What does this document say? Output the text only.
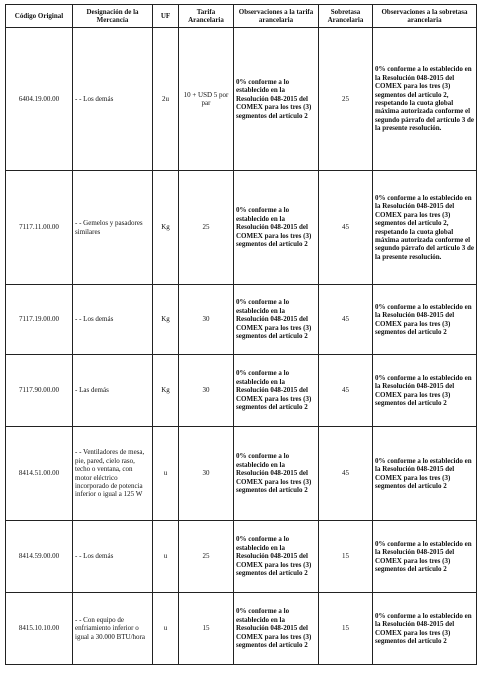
Código Original	Designación de la Mercancía	UF	Tarifa Arancelaria	Observaciones a la tarifa arancelaria	Sobretasa Arancelaria	Observaciones a la sobretasa arancelaria
6404.19.00.00	- - Los demás	2u	10 + USD 5 por par	0% conforme a lo establecido en la Resolución 048-2015 del COMEX para los tres (3) segmentos del artículo 2	25	0% conforme a lo establecido en la Resolución 048-2015 del COMEX para los tres (3) segmentos del artículo 2, respetando la cuota global máxima autorizada conforme el segundo párrafo del artículo 3 de la presente resolución.
7117.11.00.00	- - Gemelos y pasadores similares	Kg	25	0% conforme a lo establecido en la Resolución 048-2015 del COMEX para los tres (3) segmentos del artículo 2	45	0% conforme a lo establecido en la Resolución 048-2015 del COMEX para los tres (3) segmentos del artículo 2, respetando la cuota global máxima autorizada conforme el segundo párrafo del artículo 3 de la presente resolución.
7117.19.00.00	- - Los demás	Kg	30	0% conforme a lo establecido en la Resolución 048-2015 del COMEX para los tres (3) segmentos del artículo 2	45	0% conforme a lo establecido en la Resolución 048-2015 del COMEX para los tres (3) segmentos del artículo 2
7117.90.00.00	- Las demás	Kg	30	0% conforme a lo establecido en la Resolución 048-2015 del COMEX para los tres (3) segmentos del artículo 2	45	0% conforme a lo establecido en la Resolución 048-2015 del COMEX para los tres (3) segmentos del artículo 2
8414.51.00.00	- - Ventiladores de mesa, pie, pared, cielo raso, techo o ventana, con motor eléctrico incorporado de potencia inferior o igual a 125 W	u	30	0% conforme a lo establecido en la Resolución 048-2015 del COMEX para los tres (3) segmentos del artículo 2	45	0% conforme a lo establecido en la Resolución 048-2015 del COMEX para los tres (3) segmentos del artículo 2
8414.59.00.00	- - Los demás	u	25	0% conforme a lo establecido en la Resolución 048-2015 del COMEX para los tres (3) segmentos del artículo 2	15	0% conforme a lo establecido en la Resolución 048-2015 del COMEX para los tres (3) segmentos del artículo 2
8415.10.10.00	- - Con equipo de enfriamiento inferior o igual a 30.000 BTU/hora	u	15	0% conforme a lo establecido en la Resolución 048-2015 del COMEX para los tres (3) segmentos del artículo 2	15	0% conforme a lo establecido en la Resolución 048-2015 del COMEX para los tres (3) segmentos del artículo 2
